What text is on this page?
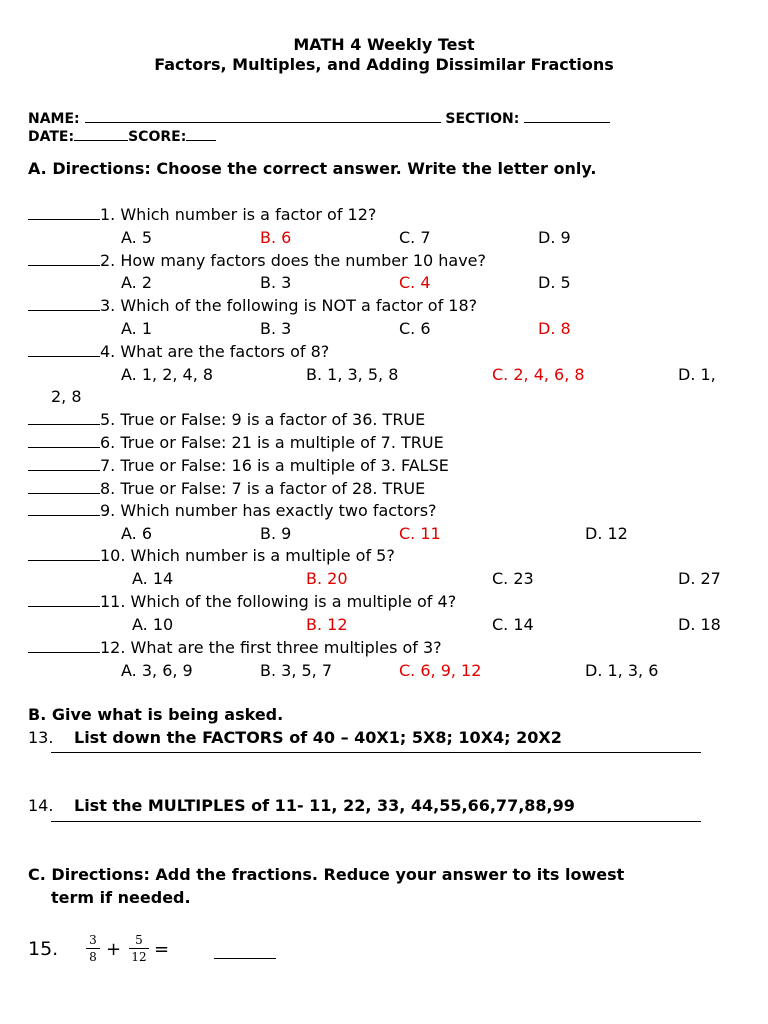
MATH 4 Weekly Test
Factors, Multiples, and Adding Dissimilar Fractions
NAME:	SECTION:
DATE:	SCORE:
A. Directions: Choose the correct answer. Write the letter only.
1. Which number is a factor of 12?
A. 5	B. 6	C. 7	D. 9
2. How many factors does the number 10 have?
A. 2	B. 3	C. 4	D. 5
3. Which of the following is NOT a factor of 18?
A. 1	B. 3	C. 6	D. 8
4. What are the factors of 8?
A. 1, 2, 4, 8	B. 1, 3, 5, 8	C. 2, 4, 6, 8	D. 1,
2, 8
5. True or False: 9 is a factor of 36. TRUE
6. True or False: 21 is a multiple of 7. TRUE
7. True or False: 16 is a multiple of 3. FALSE
8. True or False: 7 is a factor of 28. TRUE
9. Which number has exactly two factors?
A. 6	B. 9	C. 11	D. 12
10. Which number is a multiple of 5?
A. 14	B. 20	C. 23	D. 27
11. Which of the following is a multiple of 4?
A. 10	B. 12	C. 14	D. 18
12. What are the first three multiples of 3?
A. 3, 6, 9	B. 3, 5, 7	C. 6, 9, 12	D. 1, 3, 6
B. Give what is being asked.
13. List down the FACTORS of 40 – 40X1; 5X8; 10X4; 20X2
14. List the MULTIPLES of 11- 11, 22, 33, 44,55,66,77,88,99
C. Directions: Add the fractions. Reduce your answer to its lowest
term if needed.
15.	3
8 +	5
12 =
